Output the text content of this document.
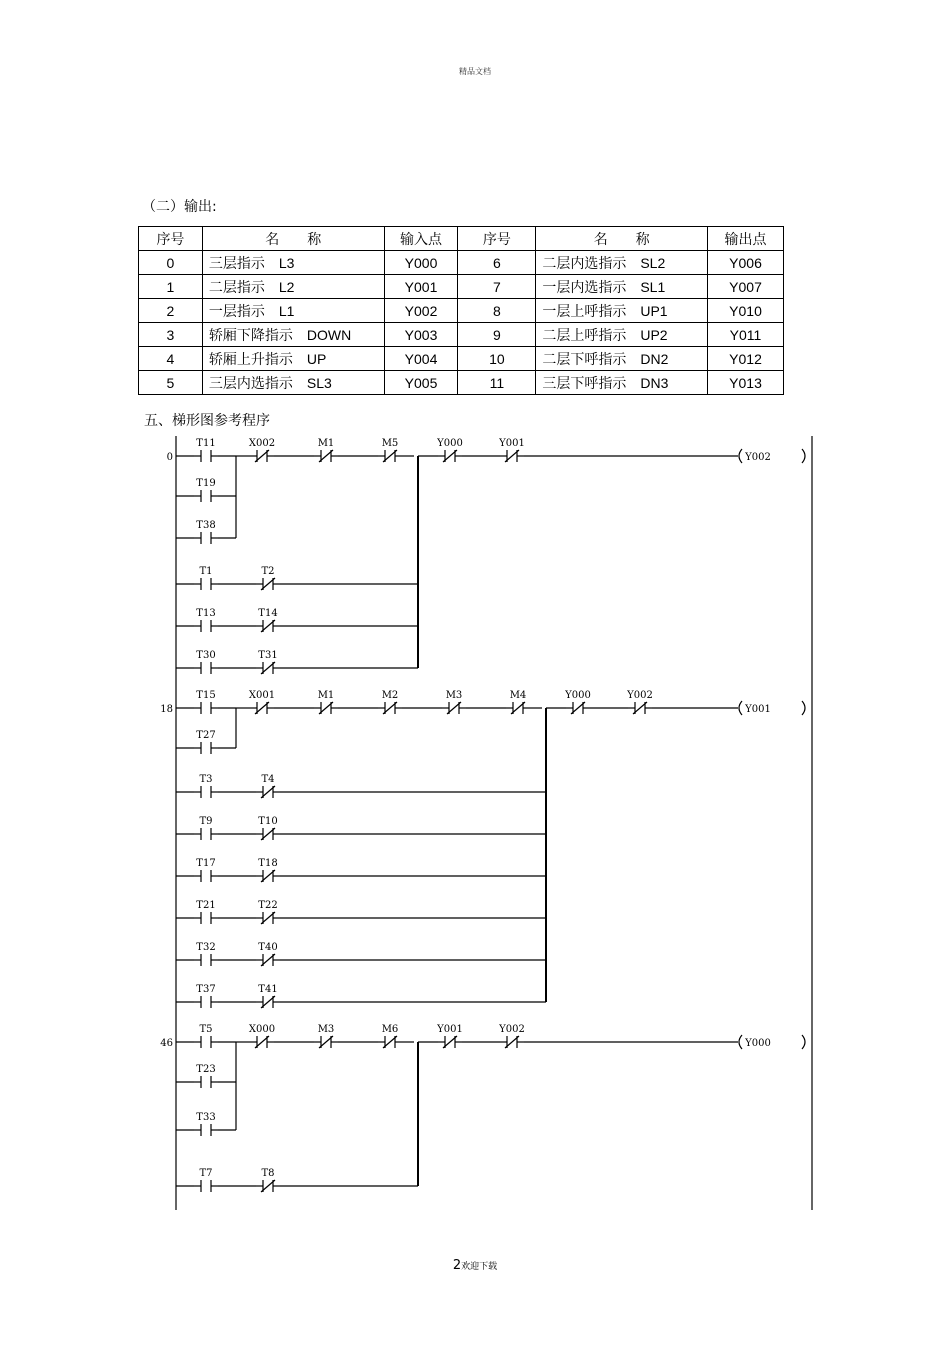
精品文档
（二）输出:
序号	名　　称	输入点	序号	名　　称	输出点
0	三层指示　L3	Y000	6	二层内选指示　SL2	Y006
1	二层指示　L2	Y001	7	一层内选指示　SL1	Y007
2	一层指示　L1	Y002	8	一层上呼指示　UP1	Y010
3	轿厢下降指示　DOWN	Y003	9	二层上呼指示　UP2	Y011
4	轿厢上升指示　UP	Y004	10	二层下呼指示　DN2	Y012
5	三层内选指示　SL3	Y005	11	三层下呼指示　DN3	Y013
五、梯形图参考程序
0
T11
T19
T38
X002	M1	M5
T1	T2
T13	T14
T30	T31
Y000	Y001
Y002
18
T15
T27
X001	M1	M2	M3	M4
T3	T4
T9	T10
T17	T18
T21	T22
T32	T40
T37	T41
Y000	Y002
Y001
46
T5
T23
T33
X000	M3	M6
T7	T8
Y001	Y002
Y000
2欢迎下载
